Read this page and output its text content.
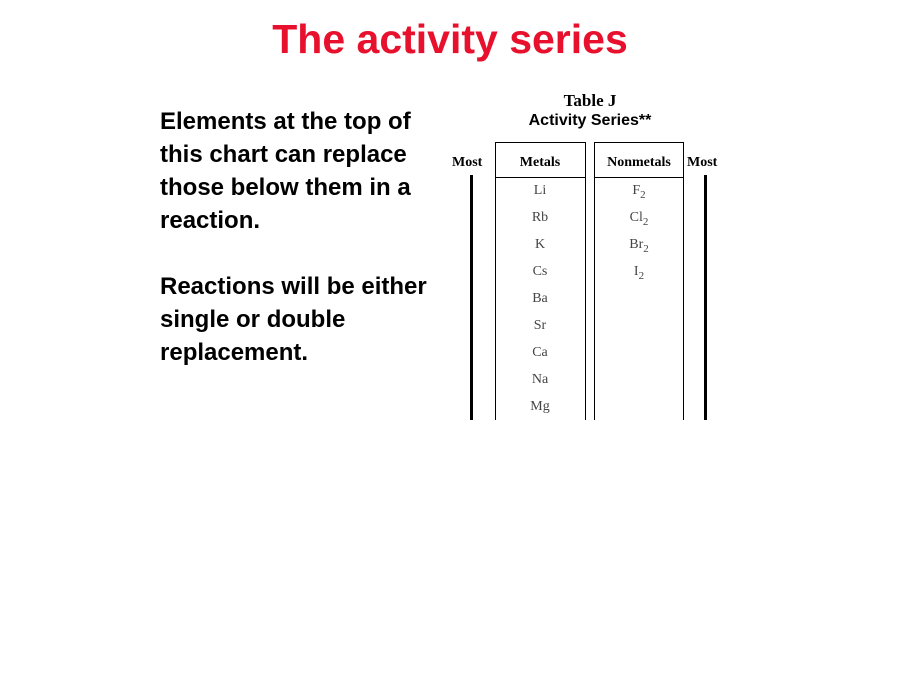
The activity series

Elements at the top of this chart can replace those below them in a reaction.

Reactions will be either single or double replacement.

Table J
Activity Series**
Most	Most
Metals	Nonmetals
Li
Rb
K
Cs
Ba
Sr
Ca
Na
Mg
$F_2$
$Cl_2$
$Br_2$
$I_2$
